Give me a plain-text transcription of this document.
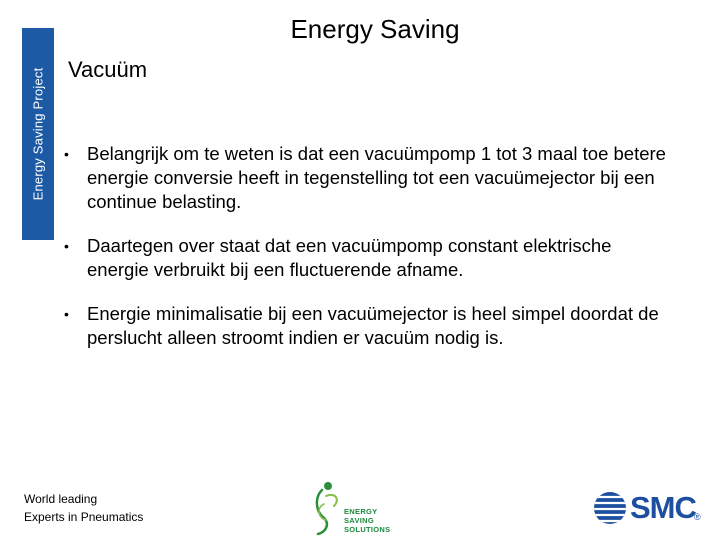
Energy Saving Project
Energy Saving
Vacuüm
• Belangrijk om te weten is dat een vacuümpomp 1 tot 3 maal toe betere energie conversie heeft in tegenstelling tot een vacuümejector bij een continue belasting.
• Daartegen over staat dat een vacuümpomp constant elektrische energie verbruikt bij een fluctuerende afname.
• Energie minimalisatie bij een vacuümejector is heel simpel doordat de perslucht alleen stroomt indien er vacuüm nodig is.
World leading
Experts in Pneumatics	ENERGY
SAVING
SOLUTIONS
SMC
®
